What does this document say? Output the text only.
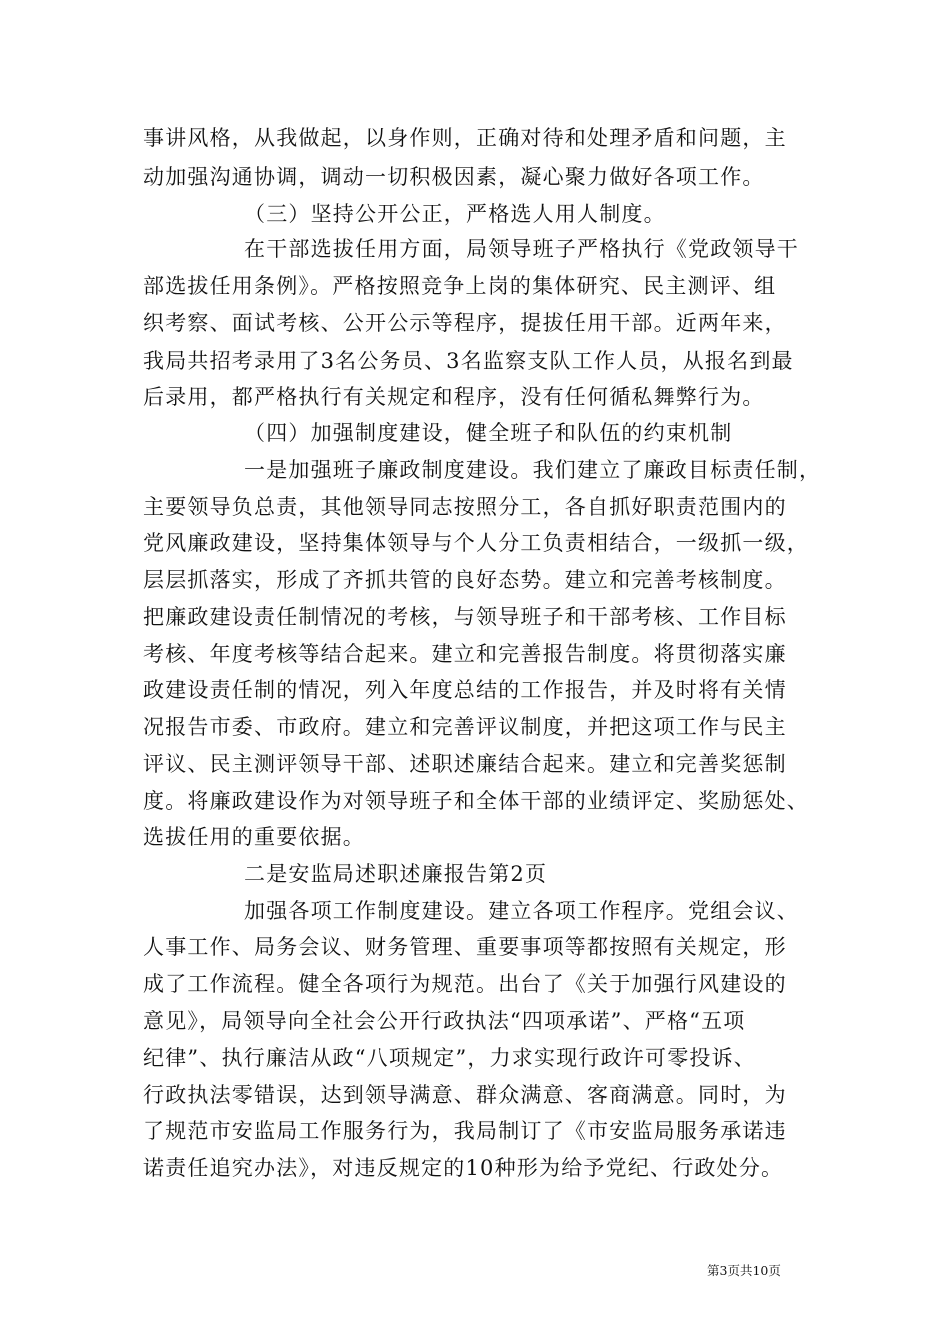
事讲风格，从我做起，以身作则，正确对待和处理矛盾和问题，主
动加强沟通协调，调动一切积极因素，凝心聚力做好各项工作。
（三）坚持公开公正，严格选人用人制度。
在干部选拔任用方面，局领导班子严格执行《党政领导干
部选拔任用条例》。严格按照竞争上岗的集体研究、民主测评、组
织考察、面试考核、公开公示等程序，提拔任用干部。近两年来，
我局共招考录用了3名公务员、3名监察支队工作人员，从报名到最
后录用，都严格执行有关规定和程序，没有任何循私舞弊行为。
（四）加强制度建设，健全班子和队伍的约束机制
一是加强班子廉政制度建设。我们建立了廉政目标责任制，
主要领导负总责，其他领导同志按照分工，各自抓好职责范围内的
党风廉政建设，坚持集体领导与个人分工负责相结合，一级抓一级，
层层抓落实，形成了齐抓共管的良好态势。建立和完善考核制度。
把廉政建设责任制情况的考核，与领导班子和干部考核、工作目标
考核、年度考核等结合起来。建立和完善报告制度。将贯彻落实廉
政建设责任制的情况，列入年度总结的工作报告，并及时将有关情
况报告市委、市政府。建立和完善评议制度，并把这项工作与民主
评议、民主测评领导干部、述职述廉结合起来。建立和完善奖惩制
度。将廉政建设作为对领导班子和全体干部的业绩评定、奖励惩处、
选拔任用的重要依据。
二是安监局述职述廉报告第2页
加强各项工作制度建设。建立各项工作程序。党组会议、
人事工作、局务会议、财务管理、重要事项等都按照有关规定，形
成了工作流程。健全各项行为规范。出台了《关于加强行风建设的
意见》，局领导向全社会公开行政执法“四项承诺”、严格“五项
纪律”、执行廉洁从政“八项规定”，力求实现行政许可零投诉、
行政执法零错误，达到领导满意、群众满意、客商满意。同时，为
了规范市安监局工作服务行为，我局制订了《市安监局服务承诺违
诺责任追究办法》，对违反规定的10种形为给予党纪、行政处分。
第3页共10页
